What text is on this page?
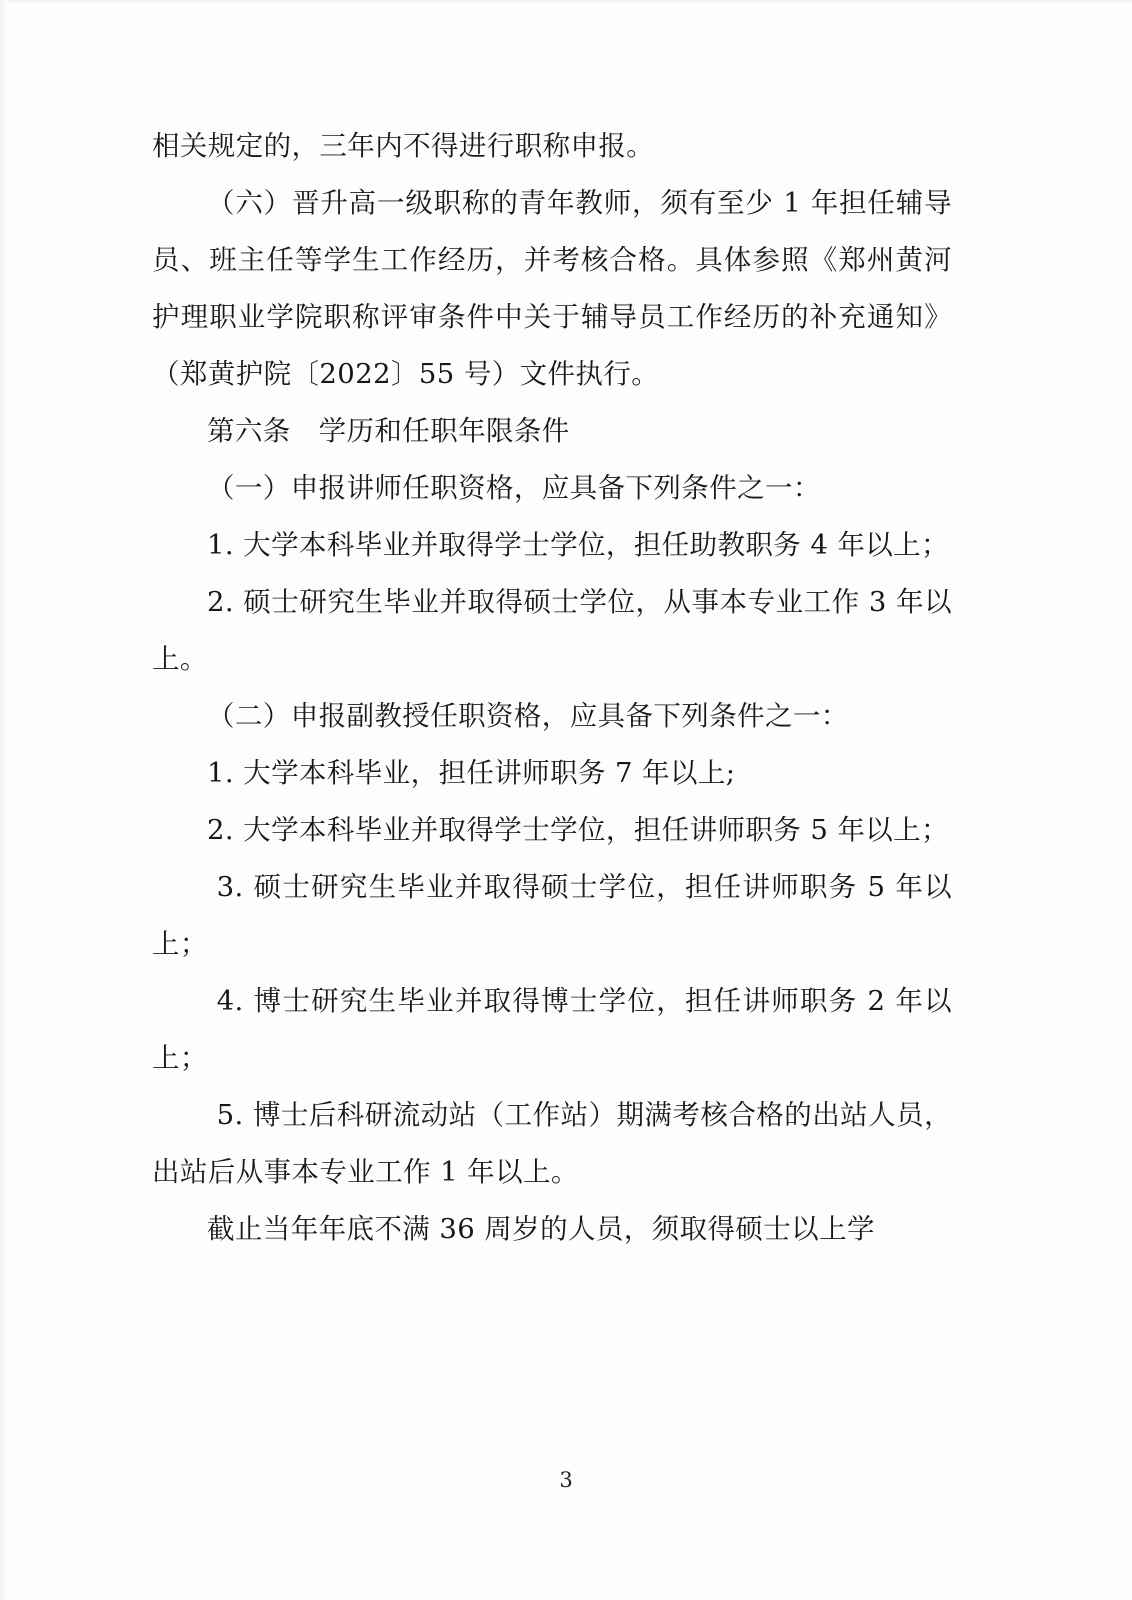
相关规定的，三年内不得进行职称申报。

（六）晋升高一级职称的青年教师，须有至少 1 年担任辅导员、班主任等学生工作经历，并考核合格。具体参照《郑州黄河护理职业学院职称评审条件中关于辅导员工作经历的补充通知》（郑黄护院〔2022〕55 号）文件执行。

第六条　学历和任职年限条件

（一）申报讲师任职资格，应具备下列条件之一：

1. 大学本科毕业并取得学士学位，担任助教职务 4 年以上；

2. 硕士研究生毕业并取得硕士学位，从事本专业工作 3 年以上。

（二）申报副教授任职资格，应具备下列条件之一：

1. 大学本科毕业，担任讲师职务 7 年以上;

2. 大学本科毕业并取得学士学位，担任讲师职务 5 年以上；

3. 硕士研究生毕业并取得硕士学位，担任讲师职务 5 年以上；

4. 博士研究生毕业并取得博士学位，担任讲师职务 2 年以上；

5. 博士后科研流动站（工作站）期满考核合格的出站人员，出站后从事本专业工作 1 年以上。

截止当年年底不满 36 周岁的人员，须取得硕士以上学

3
